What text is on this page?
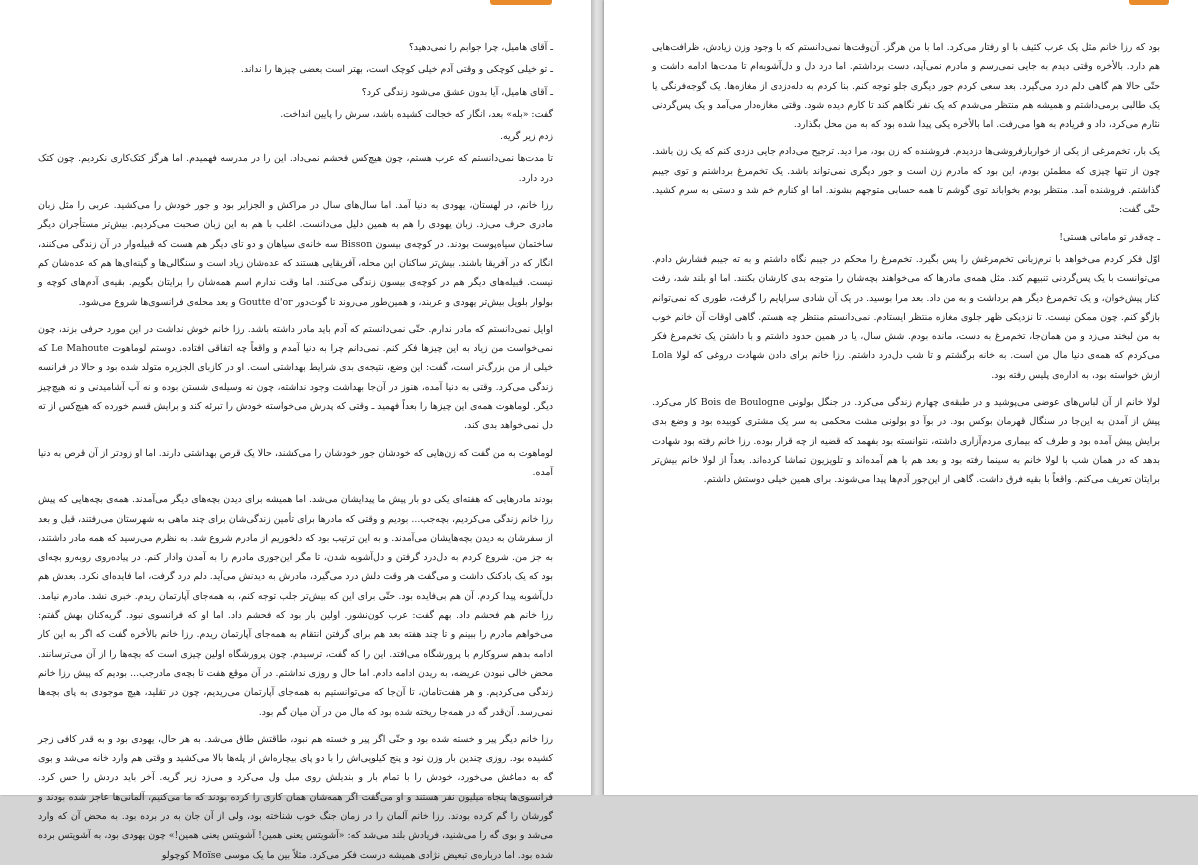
ـ آقای هامیل، چرا جوابم را نمی‌دهید؟

ـ تو خیلی کوچکی و وقتی آدم خیلی کوچک است، بهتر است بعضی چیزها را نداند.

ـ آقای هامیل، آیا بدون عشق می‌شود زندگی کرد؟

گفت: «بله» بعد، انگار که خجالت کشیده باشد، سرش را پایین انداخت.

زدم زیر گریه.

تا مدت‌ها نمی‌دانستم که عرب هستم، چون هیچ‌کس فحشم نمی‌داد. این را در مدرسه فهمیدم. اما هرگز کتک‌کاری نکردیم. چون کتک درد دارد.

رزا خانم، در لهستان، یهودی به دنیا آمد. اما سال‌های سال در مراکش و الجزایر بود و جور خودش را می‌کشید. عربی را مثل زبان مادری حرف می‌زد. زبان یهودی را هم به همین دلیل می‌دانست. اغلب با هم به این زبان صحبت می‌کردیم. بیش‌تر مستأجران دیگر ساختمان سیاه‌پوست بودند. در کوچه‌ی بیسون Bisson سه خانه‌ی سیاهان و دو تای دیگر هم هست که قبیله‌وار در آن زندگی می‌کنند، انگار که در آفریقا باشند. بیش‌تر ساکنان این محله، آفریقایی هستند که عده‌شان زیاد است و سنگالی‌ها و گینه‌ای‌ها هم که عده‌شان کم نیست. قبیله‌های دیگر هم در کوچه‌ی بیسون زندگی می‌کنند. اما وقت ندارم اسم همه‌شان را برایتان بگویم. بقیه‌ی آدم‌های کوچه و بولوار بلویل بیش‌تر یهودی و عربند، و همین‌طور می‌روند تا گوت‌دور Goutte d'or و بعد محله‌ی فرانسوی‌ها شروع می‌شود.

اوایل نمی‌دانستم که مادر ندارم. حتّی نمی‌دانستم که آدم باید مادر داشته باشد. رزا خانم خوش نداشت در این مورد حرفی بزند، چون نمی‌خواست من زیاد به این چیزها فکر کنم. نمی‌دانم چرا به دنیا آمدم و واقعاً چه اتفاقی افتاده. دوستم لوماهوت Le Mahoute که خیلی از من بزرگ‌تر است، گفت: این وضع، نتیجه‌ی بدی شرایط بهداشتی است. او در کازبای الجزیره متولد شده بود و حالا در فرانسه زندگی می‌کرد. وقتی به دنیا آمده، هنوز در آن‌جا بهداشت وجود نداشته، چون نه وسیله‌ی شستن بوده و نه آب آشامیدنی و نه هیچ‌چیز دیگر. لوماهوت همه‌ی این چیزها را بعداً فهمید ـ وقتی که پدرش می‌خواسته خودش را تبرئه کند و برایش قسم خورده که هیچ‌کس از ته دل نمی‌خواهد بدی کند.

لوماهوت به من گفت که زن‌هایی که خودشان جور خودشان را می‌کشند، حالا یک قرص بهداشتی دارند. اما او زودتر از آن قرص به دنیا آمده.

بودند مادرهایی که هفته‌ای یکی دو بار پیش ما پیدایشان می‌شد. اما همیشه برای دیدن بچه‌های دیگر می‌آمدند. همه‌ی بچه‌هایی که پیش رزا خانم زندگی می‌کردیم، بچه‌جب... بودیم و وقتی که مادرها برای تأمین زندگی‌شان برای چند ماهی به شهرستان می‌رفتند، قبل و بعد از سفرشان به دیدن بچه‌هایشان می‌آمدند. و به این ترتیب بود که دلخوریم از مادرم شروع شد. به نظرم می‌رسید که همه مادر داشتند، به جز من. شروع کردم به دل‌درد گرفتن و دل‌آشوبه شدن، تا مگر این‌جوری مادرم را به آمدن وادار کنم. در پیاده‌روی روبه‌رو بچه‌ای بود که یک بادکنک داشت و می‌گفت هر وقت دلش درد می‌گیرد، مادرش به دیدنش می‌آید. دلم درد گرفت، اما فایده‌ای نکرد. بعدش هم دل‌آشوبه پیدا کردم. آن هم بی‌فایده بود. حتّی برای این که بیش‌تر جلب توجه کنم، به همه‌جای آپارتمان ریدم. خبری نشد. مادرم نیامد. رزا خانم هم فحشم داد. بهم گفت: عرب کون‌نشور. اولین بار بود که فحشم داد. اما او که فرانسوی نبود. گریه‌کنان بهش گفتم: می‌خواهم مادرم را ببینم و تا چند هفته بعد هم برای گرفتن انتقام به همه‌جای آپارتمان ریدم. رزا خانم بالأخره گفت که اگر به این کار ادامه بدهم سروکارم با پرورشگاه می‌افتد. این را که گفت، ترسیدم. چون پرورشگاه اولین چیزی است که بچه‌ها را از آن می‌ترسانند. محض خالی نبودن عریضه، به ریدن ادامه دادم. اما حال و روزی نداشتم. در آن موقع هفت تا بچه‌ی مادرجب... بودیم که پیش رزا خانم زندگی می‌کردیم. و هر هفت‌تامان، تا آن‌جا که می‌توانستیم به همه‌جای آپارتمان می‌ریدیم، چون در تقلید، هیچ موجودی به پای بچه‌ها نمی‌رسد. آن‌قدر گه در همه‌جا ریخته شده بود که مال من در آن میان گم بود.

رزا خانم دیگر پیر و خسته شده بود و حتّی اگر پیر و خسته هم نبود، طاقتش طاق می‌شد. به هر حال، یهودی بود و به قدر کافی زجر کشیده بود. روزی چندین بار وزن نود و پنج کیلویی‌اش را با دو پای بیچاره‌اش از پله‌ها بالا می‌کشید و وقتی هم وارد خانه می‌شد و بوی گه به دماغش می‌خورد، خودش را با تمام بار و بندیلش روی مبل ول می‌کرد و می‌زد زیر گریه. آخر باید دردش را حس کرد. فرانسوی‌ها پنجاه میلیون نفر هستند و او می‌گفت اگر همه‌شان همان کاری را کرده بودند که ما می‌کنیم، آلمانی‌ها عاجز شده بودند و گورشان را گم کرده بودند. رزا خانم آلمان را در زمان جنگ خوب شناخته بود، ولی از آن جان به در برده بود. به محض آن که وارد می‌شد و بوی گه را می‌شنید، فریادش بلند می‌شد که: «آشویتس یعنی همین! آشویتس یعنی همین!» چون یهودی بود، به آشویتس برده شده بود. اما درباره‌ی تبعیض نژادی همیشه درست فکر می‌کرد. مثلاً بین ما یک موسی Moïse کوچولو

بود که رزا خانم مثل یک عرب کثیف با او رفتار می‌کرد. اما با من هرگز. آن‌وقت‌ها نمی‌دانستم که با وجود وزن زیادش، ظرافت‌هایی هم دارد. بالأخره وقتی دیدم به جایی نمی‌رسم و مادرم نمی‌آید، دست برداشتم. اما درد دل و دل‌آشوبه‌ام تا مدت‌ها ادامه داشت و حتّی حالا هم گاهی دلم درد می‌گیرد. بعد سعی کردم جور دیگری جلو توجه کنم. بنا کردم به دله‌دزدی از مغازه‌ها. یک گوجه‌فرنگی یا یک طالبی برمی‌داشتم و همیشه هم منتظر می‌شدم که یک نفر نگاهم کند تا کارم دیده شود. وقتی مغازه‌دار می‌آمد و یک پس‌گردنی نثارم می‌کرد، داد و فریادم به هوا می‌رفت. اما بالأخره یکی پیدا شده بود که به من محل بگذارد.

یک بار، تخم‌مرغی از یکی از خواربارفروشی‌ها دزدیدم. فروشنده که زن بود، مرا دید. ترجیح می‌دادم جایی دزدی کنم که یک زن باشد. چون از تنها چیزی که مطمئن بودم، این بود که مادرم زن است و جور دیگری نمی‌تواند باشد. یک تخم‌مرغ برداشتم و توی جیبم گذاشتم. فروشنده آمد. منتظر بودم بخواباند توی گوشم تا همه حسابی متوجهم بشوند. اما او کنارم خم شد و دستی به سرم کشید. حتّی گفت:

ـ چه‌قدر تو ماماتی هستی!

اوّل فکر کردم می‌خواهد با نرم‌زبانی تخم‌مرغش را پس بگیرد. تخم‌مرغ را محکم در جیبم نگاه داشتم و به ته جیبم فشارش دادم. می‌توانست با یک پس‌گردنی تنبیهم کند. مثل همه‌ی مادرها که می‌خواهند بچه‌شان را متوجه بدی کارشان بکنند. اما او بلند شد، رفت کنار پیش‌خوان، و یک تخم‌مرغ دیگر هم برداشت و به من داد. بعد مرا بوسید. در یک آن شادی سراپایم را گرفت، طوری که نمی‌توانم بازگو کنم. چون ممکن نیست. تا نزدیکی ظهر جلوی مغازه منتظر ایستادم. نمی‌دانستم منتظر چه هستم. گاهی اوقات آن خانم خوب به من لبخند می‌زد و من همان‌جا، تخم‌مرغ به دست، مانده بودم. شش سال، یا در همین حدود داشتم و با داشتن یک تخم‌مرغ فکر می‌کردم که همه‌ی دنیا مال من است. به خانه برگشتم و تا شب دل‌درد داشتم. رزا خانم برای دادن شهادت دروغی که لولا Lola ازش خواسته بود، به اداره‌ی پلیس رفته بود.

لولا خانم از آن لباس‌های عوضی می‌پوشید و در طبقه‌ی چهارم زندگی می‌کرد. در جنگل بولونی Bois de Boulogne کار می‌کرد. پیش از آمدن به این‌جا در سنگال قهرمان بوکس بود. در بوآ دو بولونی مشت محکمی به سر یک مشتری کوبیده بود و وضع بدی برایش پیش آمده بود و طرف که بیماری مردم‌آزاری داشته، نتوانسته بود بفهمد که قضیه از چه قرار بوده. رزا خانم رفته بود شهادت بدهد که در همان شب با لولا خانم به سینما رفته بود و بعد هم با هم آمده‌اند و تلویزیون تماشا کرده‌اند. بعداً از لولا خانم بیش‌تر برایتان تعریف می‌کنم. واقعاً با بقیه فرق داشت. گاهی از این‌جور آدم‌ها پیدا می‌شوند. برای همین خیلی دوستش داشتم.
